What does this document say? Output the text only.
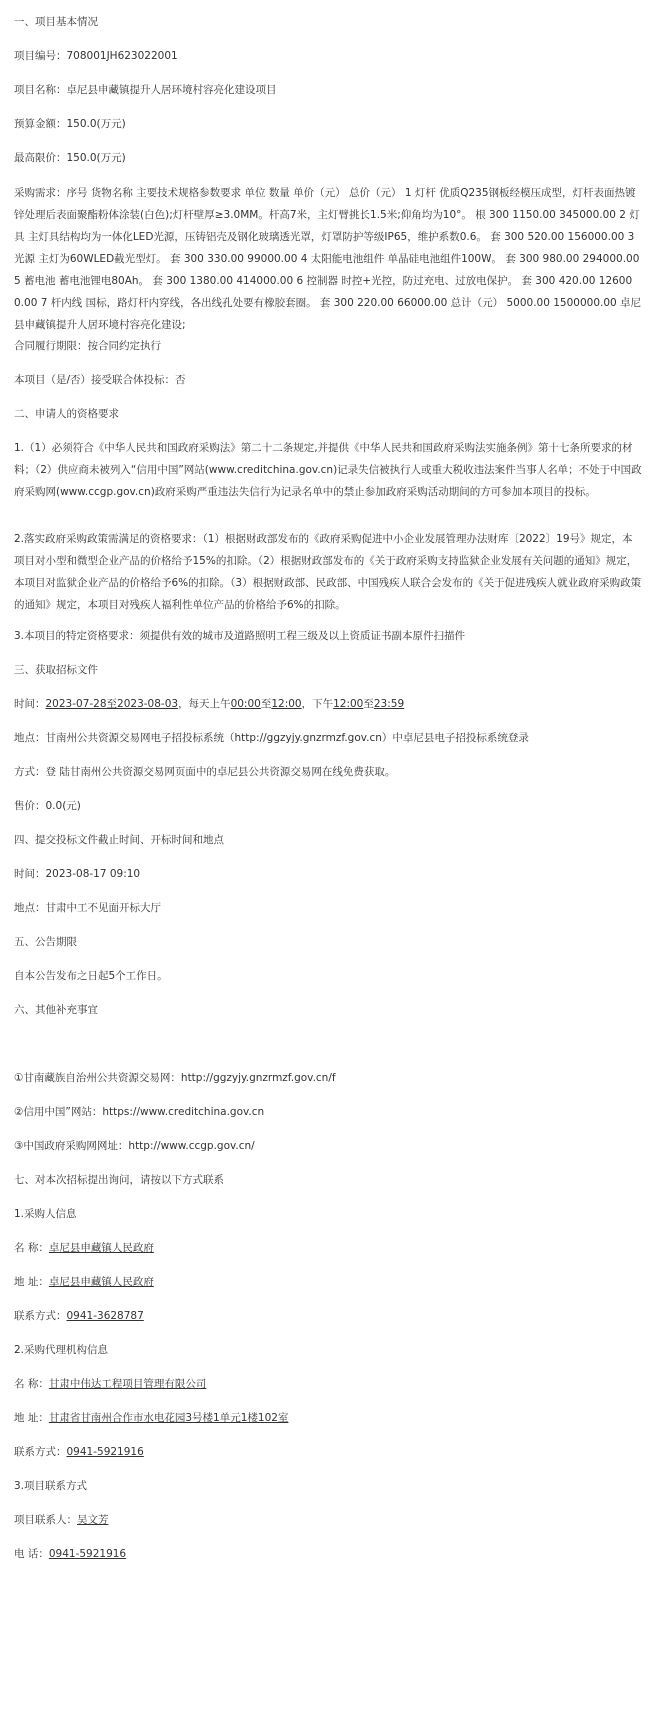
一、项目基本情况
项目编号：708001JH623022001
项目名称：卓尼县申藏镇提升人居环境村容亮化建设项目
预算金额：150.0(万元)
最高限价：150.0(万元)
采购需求：序号 货物名称 主要技术规格参数要求 单位 数量 单价（元） 总价（元） 1 灯杆 优质Q235钢板经模压成型，灯杆表面热镀锌处理后表面聚酯粉体涂装(白色);灯杆壁厚≥3.0MM。杆高7米，主灯臂挑长1.5米;仰角均为10°。 根 300 1150.00 345000.00 2 灯具 主灯具结构均为一体化LED光源，压铸铝壳及钢化玻璃透光罩，灯罩防护等级IP65，维护系数0.6。 套 300 520.00 156000.00 3 光源 主灯为60WLED截光型灯。 套 300 330.00 99000.00 4 太阳能电池组件 单晶硅电池组件100W。 套 300 980.00 294000.00 5 蓄电池 蓄电池锂电80Ah。 套 300 1380.00 414000.00 6 控制器 时控+光控，防过充电、过放电保护。 套 300 420.00 126000.00 7 杆内线 国标，路灯杆内穿线，各出线孔处要有橡胶套圈。 套 300 220.00 66000.00 总计（元） 5000.00 1500000.00 卓尼县申藏镇提升人居环境村容亮化建设;
合同履行期限：按合同约定执行
本项目（是/否）接受联合体投标：否
二、申请人的资格要求
1.（1）必须符合《中华人民共和国政府采购法》第二十二条规定,并提供《中华人民共和国政府采购法实施条例》第十七条所要求的材料；（2）供应商未被列入“信用中国”网站(www.creditchina.gov.cn)记录失信被执行人或重大税收违法案件当事人名单；不处于中国政府采购网(www.ccgp.gov.cn)政府采购严重违法失信行为记录名单中的禁止参加政府采购活动期间的方可参加本项目的投标。
2.落实政府采购政策需满足的资格要求：（1）根据财政部发布的《政府采购促进中小企业发展管理办法财库〔2022〕19号》规定，本项目对小型和微型企业产品的价格给予15%的扣除。（2）根据财政部发布的《关于政府采购支持监狱企业发展有关问题的通知》规定，本项目对监狱企业产品的价格给予6%的扣除。（3）根据财政部、民政部、中国残疾人联合会发布的《关于促进残疾人就业政府采购政策的通知》规定，本项目对残疾人福利性单位产品的价格给予6%的扣除。
3.本项目的特定资格要求：须提供有效的城市及道路照明工程三级及以上资质证书副本原件扫描件
三、获取招标文件
时间：2023-07-28至2023-08-03，每天上午00:00至12:00，下午12:00至23:59
地点：甘南州公共资源交易网电子招投标系统（http://ggzyjy.gnzrmzf.gov.cn）中卓尼县电子招投标系统登录
方式：登 陆甘南州公共资源交易网页面中的卓尼县公共资源交易网在线免费获取。
售价：0.0(元)
四、提交投标文件截止时间、开标时间和地点
时间：2023-08-17 09:10
地点：甘肃中工不见面开标大厅
五、公告期限
自本公告发布之日起5个工作日。
六、其他补充事宜
①甘南藏族自治州公共资源交易网：http://ggzyjy.gnzrmzf.gov.cn/f
②信用中国”网站：https://www.creditchina.gov.cn
③中国政府采购网网址：http://www.ccgp.gov.cn/
七、对本次招标提出询问，请按以下方式联系
1.采购人信息
名 称：卓尼县申藏镇人民政府
地 址：卓尼县申藏镇人民政府
联系方式：0941-3628787
2.采购代理机构信息
名 称：甘肃中伟达工程项目管理有限公司
地 址：甘肃省甘南州合作市水电花园3号楼1单元1楼102室
联系方式：0941-5921916
3.项目联系方式
项目联系人：吴文芳
电 话：0941-5921916
